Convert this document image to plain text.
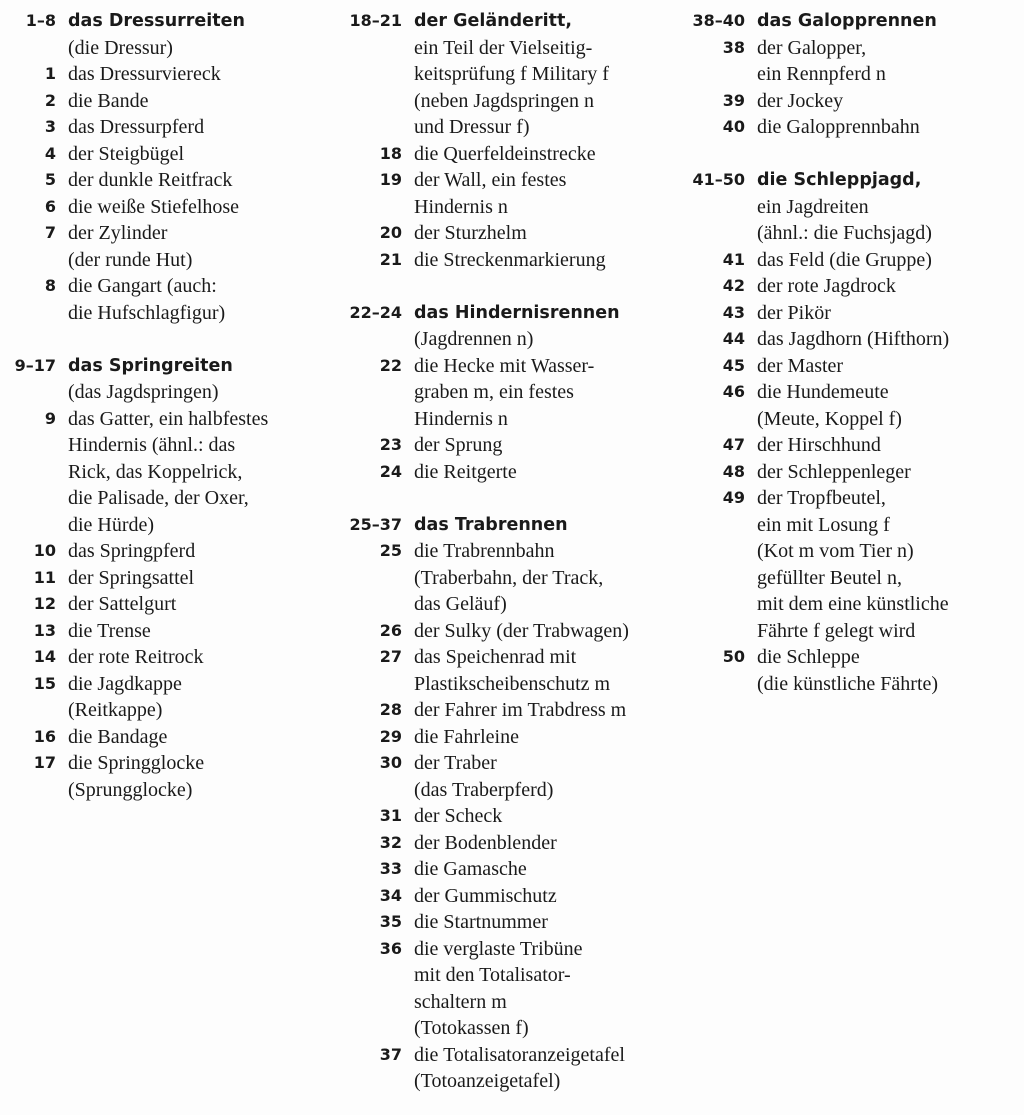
1–8 das Dressurreiten
(die Dressur)
1 das Dressurviereck
2 die Bande
3 das Dressurpferd
4 der Steigbügel
5 der dunkle Reitfrack
6 die weiße Stiefelhose
7 der Zylinder
(der runde Hut)
8 die Gangart (auch:
die Hufschlagfigur)
9–17 das Springreiten
(das Jagdspringen)
9 das Gatter, ein halbfestes
Hindernis (ähnl.: das
Rick, das Koppelrick,
die Palisade, der Oxer,
die Hürde)
10 das Springpferd
11 der Springsattel
12 der Sattelgurt
13 die Trense
14 der rote Reitrock
15 die Jagdkappe
(Reitkappe)
16 die Bandage
17 die Springglocke
(Sprungglocke)
18–21 der Geländeritt,
ein Teil der Vielseitig-
keitsprüfung f Military f
(neben Jagdspringen n
und Dressur f)
18 die Querfeldeinstrecke
19 der Wall, ein festes
Hindernis n
20 der Sturzhelm
21 die Streckenmarkierung
22–24 das Hindernisrennen
(Jagdrennen n)
22 die Hecke mit Wasser-
graben m, ein festes
Hindernis n
23 der Sprung
24 die Reitgerte
25–37 das Trabrennen
25 die Trabrennbahn
(Traberbahn, der Track,
das Geläuf)
26 der Sulky (der Trabwagen)
27 das Speichenrad mit
Plastikscheibenschutz m
28 der Fahrer im Trabdress m
29 die Fahrleine
30 der Traber
(das Traberpferd)
31 der Scheck
32 der Bodenblender
33 die Gamasche
34 der Gummischutz
35 die Startnummer
36 die verglaste Tribüne
mit den Totalisator-
schaltern m
(Totokassen f)
37 die Totalisatoranzeigetafel
(Totoanzeigetafel)
38–40 das Galopprennen
38 der Galopper,
ein Rennpferd n
39 der Jockey
40 die Galopprennbahn
41–50 die Schleppjagd,
ein Jagdreiten
(ähnl.: die Fuchsjagd)
41 das Feld (die Gruppe)
42 der rote Jagdrock
43 der Pikör
44 das Jagdhorn (Hifthorn)
45 der Master
46 die Hundemeute
(Meute, Koppel f)
47 der Hirschhund
48 der Schleppenleger
49 der Tropfbeutel,
ein mit Losung f
(Kot m vom Tier n)
gefüllter Beutel n,
mit dem eine künstliche
Fährte f gelegt wird
50 die Schleppe
(die künstliche Fährte)
